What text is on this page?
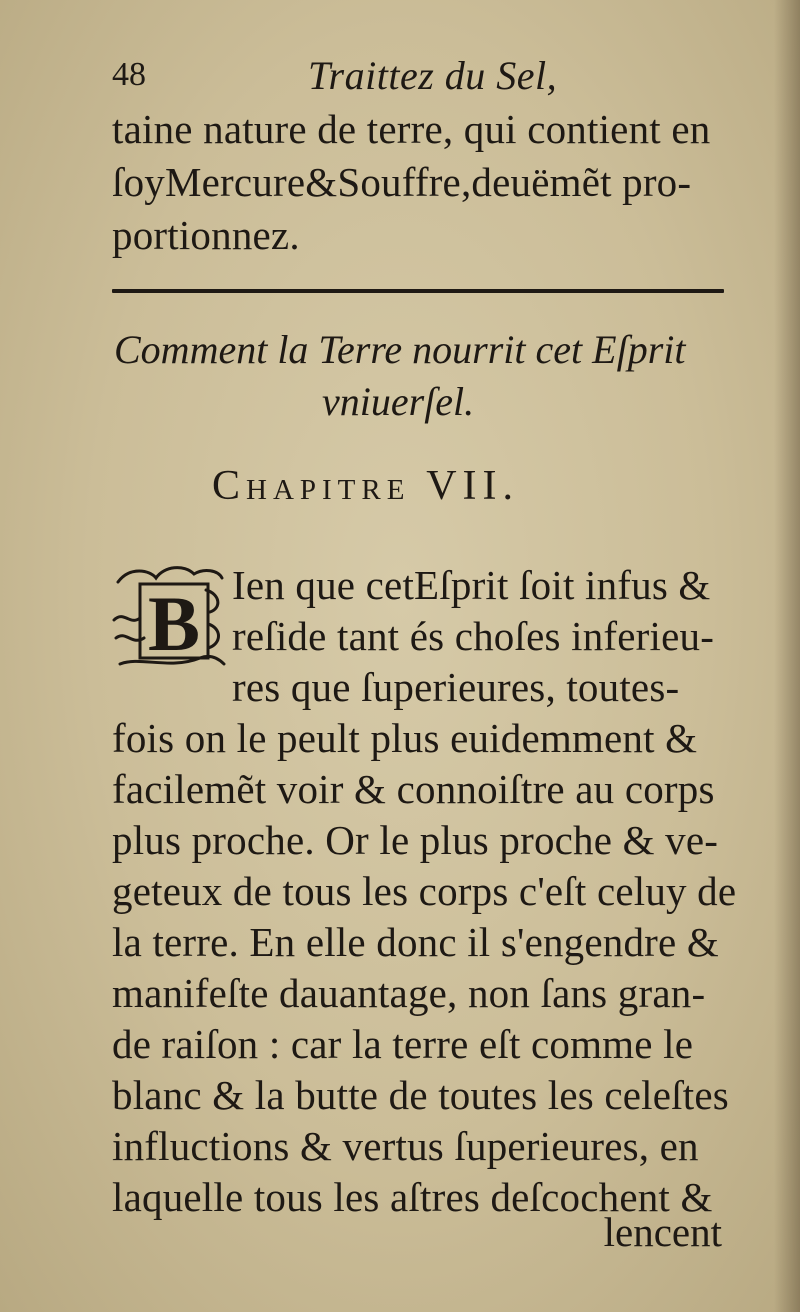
48	Traittez du Sel,
taine nature de terre, qui contient en
ſoyMercure&Souffre,deuëmẽt pro-
portionnez.
Comment la Terre nourrit cet Eſprit
vniuerſel.
Chapitre VII.
B Ien que cetEſprit ſoit infus &
reſide tant és choſes inferieu-
res que ſuperieures, toutes-
fois on le peult plus euidemment &
facilemẽt voir & connoiſtre au corps
plus proche. Or le plus proche & ve-
geteux de tous les corps c'eſt celuy de
la terre. En elle donc il s'engendre &
manifeſte dauantage, non ſans gran-
de raiſon : car la terre eſt comme le
blanc & la butte de toutes les celeſtes
influctions & vertus ſuperieures, en
laquelle tous les aſtres deſcochent &
lencent
